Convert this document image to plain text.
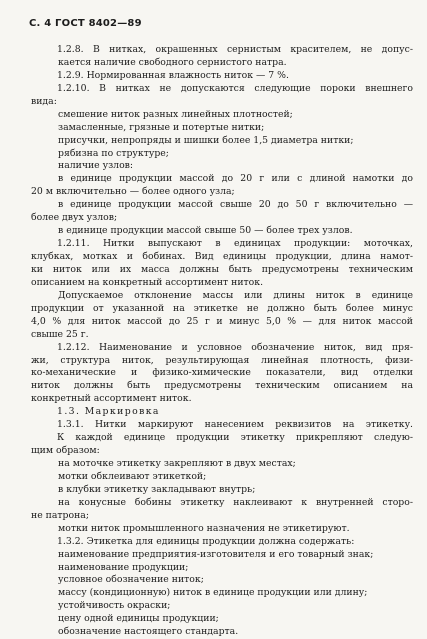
С. 4 ГОСТ 8402—89
1.2.8. В нитках, окрашенных сернистым красителем, не допус-
кается наличие свободного сернистого натра.
1.2.9. Нормированная влажность ниток — 7 %.
1.2.10. В нитках не допускаются следующие пороки внешнего
вида:
смешение ниток разных линейных плотностей;
замасленные, грязные и потертые нитки;
присучки, непропряды и шишки более 1,5 диаметра нитки;
рябизна по структуре;
наличие узлов:
в единице продукции массой до 20 г или с длиной намотки до
20 м включительно — более одного узла;
в единице продукции массой свыше 20 до 50 г включительно —
более двух узлов;
в единице продукции массой свыше 50 — более трех узлов.
1.2.11. Нитки выпускают в единицах продукции: моточках,
клубках, мотках и бобинах. Вид единицы продукции, длина намот-
ки ниток или их масса должны быть предусмотрены техническим
описанием на конкретный ассортимент ниток.
Допускаемое отклонение массы или длины ниток в единице
продукции от указанной на этикетке не должно быть более минус
4,0 % для ниток массой до 25 г и минус 5,0 % — для ниток массой
свыше 25 г.
1.2.12. Наименование и условное обозначение ниток, вид пря-
жи, структура ниток, результирующая линейная плотность, физи-
ко-механические и физико-химические показатели, вид отделки
ниток должны быть предусмотрены техническим описанием на
конкретный ассортимент ниток.
1.3. Маркировка
1.3.1. Нитки маркируют нанесением реквизитов на этикетку.
К каждой единице продукции этикетку прикрепляют следую-
щим образом:
на моточке этикетку закрепляют в двух местах;
мотки обклеивают этикеткой;
в клубки этикетку закладывают внутрь;
на конусные бобины этикетку наклеивают к внутренней сторо-
не патрона;
мотки ниток промышленного назначения не этикетируют.
1.3.2. Этикетка для единицы продукции должна содержать:
наименование предприятия-изготовителя и его товарный знак;
наименование продукции;
условное обозначение ниток;
массу (кондиционную) ниток в единице продукции или длину;
устойчивость окраски;
цену одной единицы продукции;
обозначение настоящего стандарта.
